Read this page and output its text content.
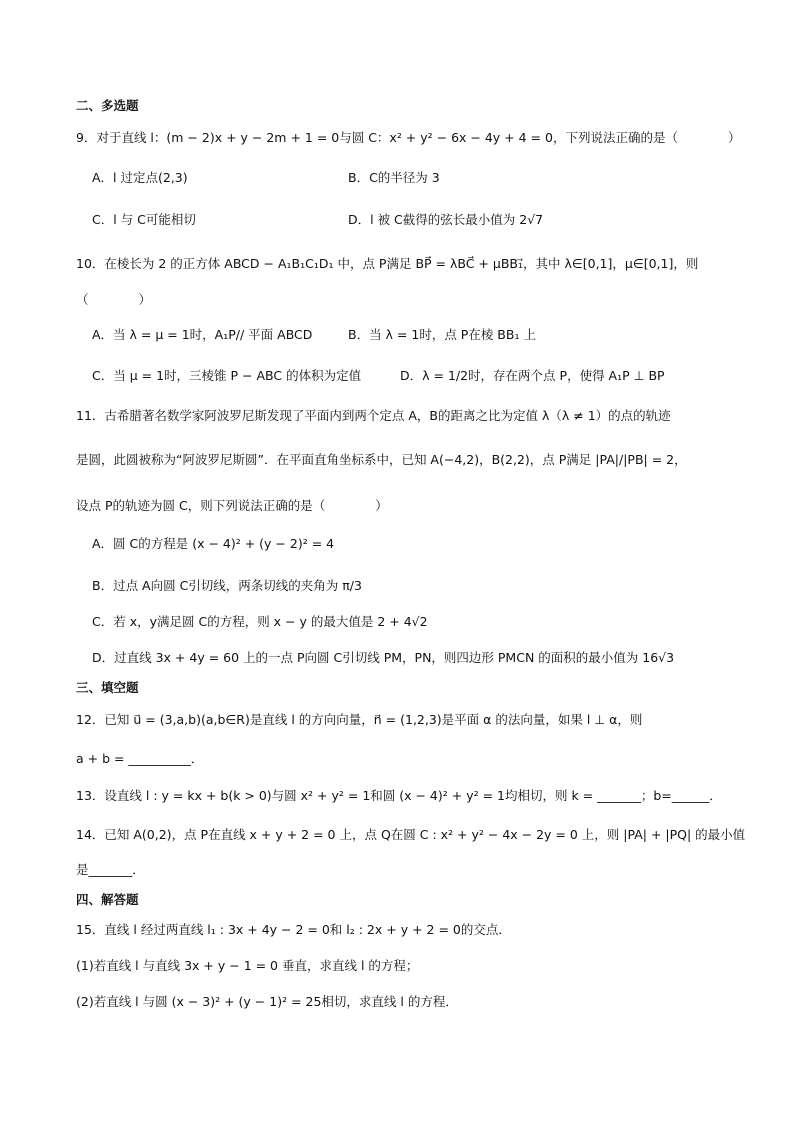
二、多选题
9．对于直线 l：(m − 2)x + y − 2m + 1 = 0与圆 C：x² + y² − 6x − 4y + 4 = 0，下列说法正确的是（　　　　）
A．l 过定点(2,3)	B．C的半径为 3
C．l 与 C可能相切	D．l 被 C截得的弦长最小值为 2√7
10．在棱长为 2 的正方体 ABCD − A₁B₁C₁D₁ 中，点 P满足 BP⃗ = λBC⃗ + μBB₁⃗，其中 λ∈[0,1]，μ∈[0,1]，则
（　　　　）
A．当 λ = μ = 1时，A₁P// 平面 ABCD	B．当 λ = 1时，点 P在棱 BB₁ 上
C．当 μ = 1时，三棱锥 P − ABC 的体积为定值	D．λ = 1/2时，存在两个点 P，使得 A₁P ⊥ BP
11．古希腊著名数学家阿波罗尼斯发现了平面内到两个定点 A，B的距离之比为定值 λ（λ ≠ 1）的点的轨迹
是圆，此圆被称为“阿波罗尼斯圆”．在平面直角坐标系中，已知 A(−4,2)，B(2,2)，点 P满足 |PA|/|PB| = 2，
设点 P的轨迹为圆 C，则下列说法正确的是（　　　　）
A．圆 C的方程是 (x − 4)² + (y − 2)² = 4
B．过点 A向圆 C引切线，两条切线的夹角为 π/3
C．若 x，y满足圆 C的方程，则 x − y 的最大值是 2 + 4√2
D．过直线 3x + 4y = 60 上的一点 P向圆 C引切线 PM，PN，则四边形 PMCN 的面积的最小值为 16√3
三、填空题
12．已知 u⃗ = (3,a,b)(a,b∈R)是直线 l 的方向向量，n⃗ = (1,2,3)是平面 α 的法向量，如果 l ⊥ α，则
a + b = __________．
13．设直线 l : y = kx + b(k > 0)与圆 x² + y² = 1和圆 (x − 4)² + y² = 1均相切，则 k = _______；b=______．
14．已知 A(0,2)，点 P在直线 x + y + 2 = 0 上，点 Q在圆 C : x² + y² − 4x − 2y = 0 上，则 |PA| + |PQ| 的最小值
是_______．
四、解答题
15．直线 l 经过两直线 l₁ : 3x + 4y − 2 = 0和 l₂ : 2x + y + 2 = 0的交点．
(1)若直线 l 与直线 3x + y − 1 = 0 垂直，求直线 l 的方程；
(2)若直线 l 与圆 (x − 3)² + (y − 1)² = 25相切，求直线 l 的方程．
